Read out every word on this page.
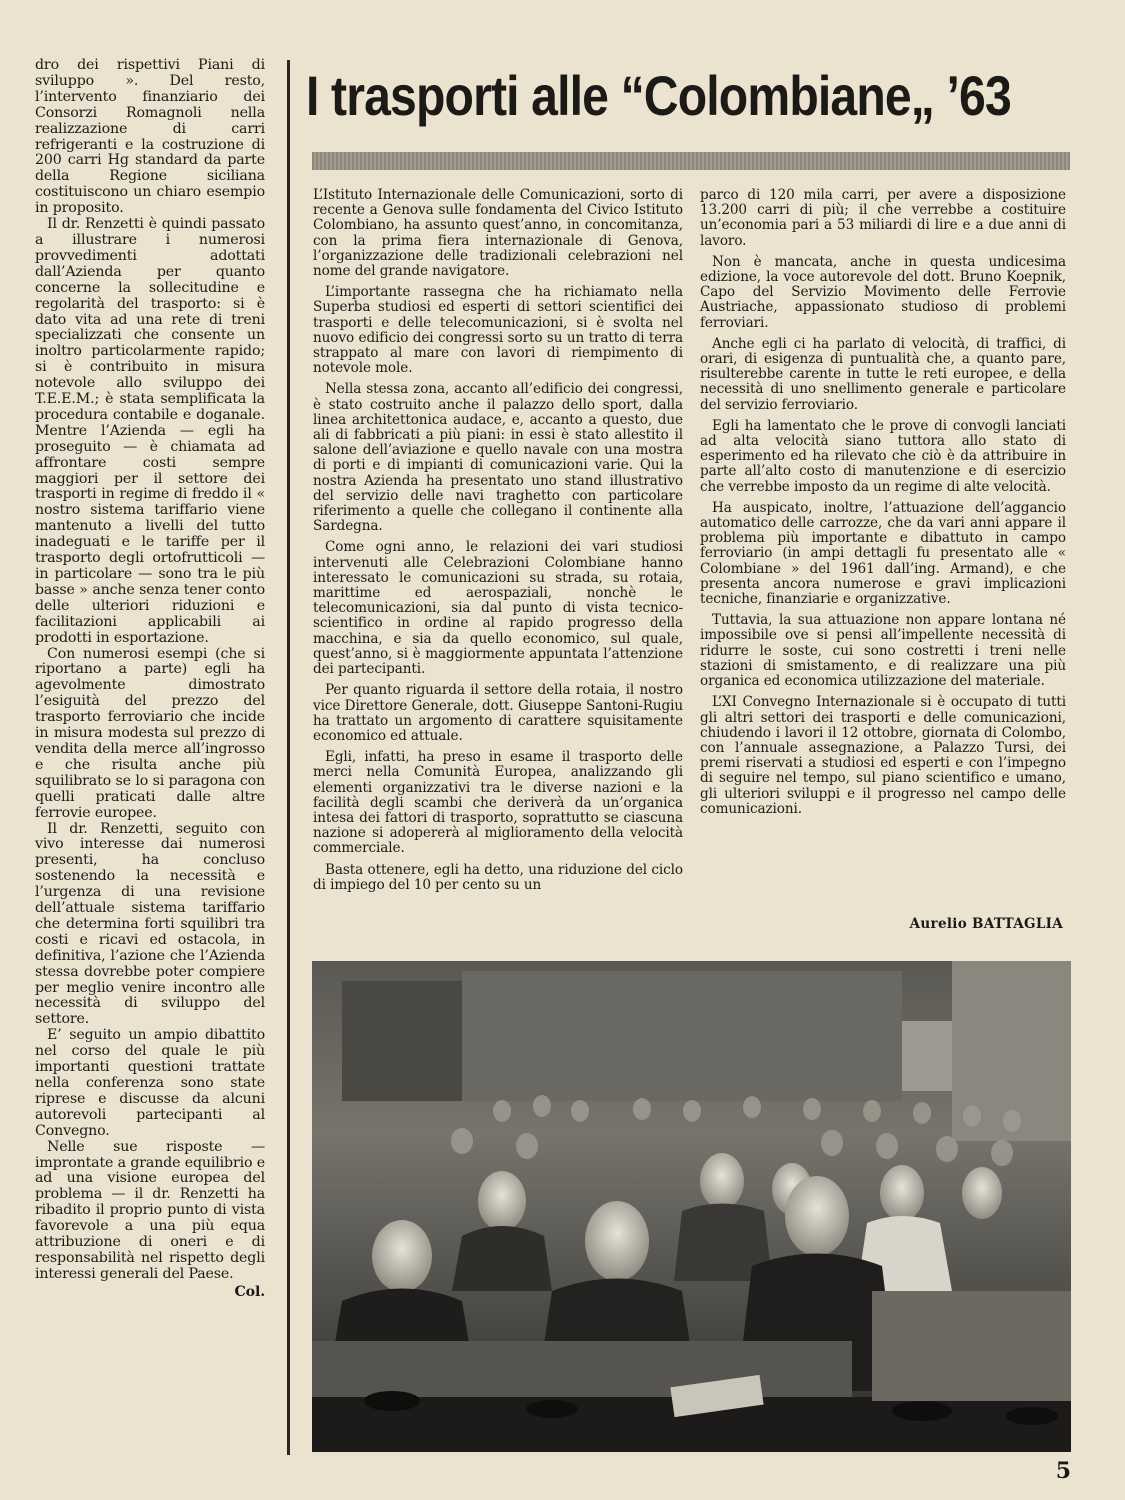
dro dei rispettivi Piani di sviluppo ». Del resto, l’intervento finanziario dei Consorzi Romagnoli nella realizzazione di carri refrigeranti e la costruzione di 200 carri Hg standard da parte della Regione siciliana costituiscono un chiaro esempio in proposito.

Il dr. Renzetti è quindi passato a illustrare i numerosi provvedimenti adottati dall’Azienda per quanto concerne la sollecitudine e regolarità del trasporto: si è dato vita ad una rete di treni specializzati che consente un inoltro particolarmente rapido; si è contribuito in misura notevole allo sviluppo dei T.E.E.M.; è stata semplificata la procedura contabile e doganale. Mentre l’Azienda — egli ha proseguito — è chiamata ad affrontare costi sempre maggiori per il settore dei trasporti in regime di freddo il « nostro sistema tariffario viene mantenuto a livelli del tutto inadeguati e le tariffe per il trasporto degli ortofrutticoli — in particolare — sono tra le più basse » anche senza tener conto delle ulteriori riduzioni e facilitazioni applicabili ai prodotti in esportazione.

Con numerosi esempi (che si riportano a parte) egli ha agevolmente dimostrato l’esiguità del prezzo del trasporto ferroviario che incide in misura modesta sul prezzo di vendita della merce all’ingrosso e che risulta anche più squilibrato se lo si paragona con quelli praticati dalle altre ferrovie europee.

Il dr. Renzetti, seguito con vivo interesse dai numerosi presenti, ha concluso sostenendo la necessità e l’urgenza di una revisione dell’attuale sistema tariffario che determina forti squilibri tra costi e ricavi ed ostacola, in definitiva, l’azione che l’Azienda stessa dovrebbe poter compiere per meglio venire incontro alle necessità di sviluppo del settore.

E’ seguito un ampio dibattito nel corso del quale le più importanti questioni trattate nella conferenza sono state riprese e discusse da alcuni autorevoli partecipanti al Convegno.

Nelle sue risposte — improntate a grande equilibrio e ad una visione europea del problema — il dr. Renzetti ha ribadito il proprio punto di vista favorevole a una più equa attribuzione di oneri e di responsabilità nel rispetto degli interessi generali del Paese.

Col.

I trasporti alle “Colombiane„ ’63

L’Istituto Internazionale delle Comunicazioni, sorto di recente a Genova sulle fondamenta del Civico Istituto Colombiano, ha assunto quest’anno, in concomitanza, con la prima fiera internazionale di Genova, l’organizzazione delle tradizionali celebrazioni nel nome del grande navigatore.

L’importante rassegna che ha richiamato nella Superba studiosi ed esperti di settori scientifici dei trasporti e delle telecomunicazioni, si è svolta nel nuovo edificio dei congressi sorto su un tratto di terra strappato al mare con lavori di riempimento di notevole mole.

Nella stessa zona, accanto all’edificio dei congressi, è stato costruito anche il palazzo dello sport, dalla linea architettonica audace, e, accanto a questo, due ali di fabbricati a più piani: in essi è stato allestito il salone dell’aviazione e quello navale con una mostra di porti e di impianti di comunicazioni varie. Qui la nostra Azienda ha presentato uno stand illustrativo del servizio delle navi traghetto con particolare riferimento a quelle che collegano il continente alla Sardegna.

Come ogni anno, le relazioni dei vari studiosi intervenuti alle Celebrazioni Colombiane hanno interessato le comunicazioni su strada, su rotaia, marittime ed aerospaziali, nonchè le telecomunicazioni, sia dal punto di vista tecnico-scientifico in ordine al rapido progresso della macchina, e sia da quello economico, sul quale, quest’anno, si è maggiormente appuntata l’attenzione dei partecipanti.

Per quanto riguarda il settore della rotaia, il nostro vice Direttore Generale, dott. Giuseppe Santoni-Rugiu ha trattato un argomento di carattere squisitamente economico ed attuale.

Egli, infatti, ha preso in esame il trasporto delle merci nella Comunità Europea, analizzando gli elementi organizzativi tra le diverse nazioni e la facilità degli scambi che deriverà da un’organica intesa dei fattori di trasporto, soprattutto se ciascuna nazione si adopererà al miglioramento della velocità commerciale.

Basta ottenere, egli ha detto, una riduzione del ciclo di impiego del 10 per cento su un

parco di 120 mila carri, per avere a disposizione 13.200 carri di più; il che verrebbe a costituire un’economia pari a 53 miliardi di lire e a due anni di lavoro.

Non è mancata, anche in questa undicesima edizione, la voce autorevole del dott. Bruno Koepnik, Capo del Servizio Movimento delle Ferrovie Austriache, appassionato studioso di problemi ferroviari.

Anche egli ci ha parlato di velocità, di traffici, di orari, di esigenza di puntualità che, a quanto pare, risulterebbe carente in tutte le reti europee, e della necessità di uno snellimento generale e particolare del servizio ferroviario.

Egli ha lamentato che le prove di convogli lanciati ad alta velocità siano tuttora allo stato di esperimento ed ha rilevato che ciò è da attribuire in parte all’alto costo di manutenzione e di esercizio che verrebbe imposto da un regime di alte velocità.

Ha auspicato, inoltre, l’attuazione dell’aggancio automatico delle carrozze, che da vari anni appare il problema più importante e dibattuto in campo ferroviario (in ampi dettagli fu presentato alle « Colombiane » del 1961 dall’ing. Armand), e che presenta ancora numerose e gravi implicazioni tecniche, finanziarie e organizzative.

Tuttavia, la sua attuazione non appare lontana né impossibile ove si pensi all’impellente necessità di ridurre le soste, cui sono costretti i treni nelle stazioni di smistamento, e di realizzare una più organica ed economica utilizzazione del materiale.

L’XI Convegno Internazionale si è occupato di tutti gli altri settori dei trasporti e delle comunicazioni, chiudendo i lavori il 12 ottobre, giornata di Colombo, con l’annuale assegnazione, a Palazzo Tursi, dei premi riservati a studiosi ed esperti e con l’impegno di seguire nel tempo, sul piano scientifico e umano, gli ulteriori sviluppi e il progresso nel campo delle comunicazioni.

Aurelio BATTAGLIA
5
